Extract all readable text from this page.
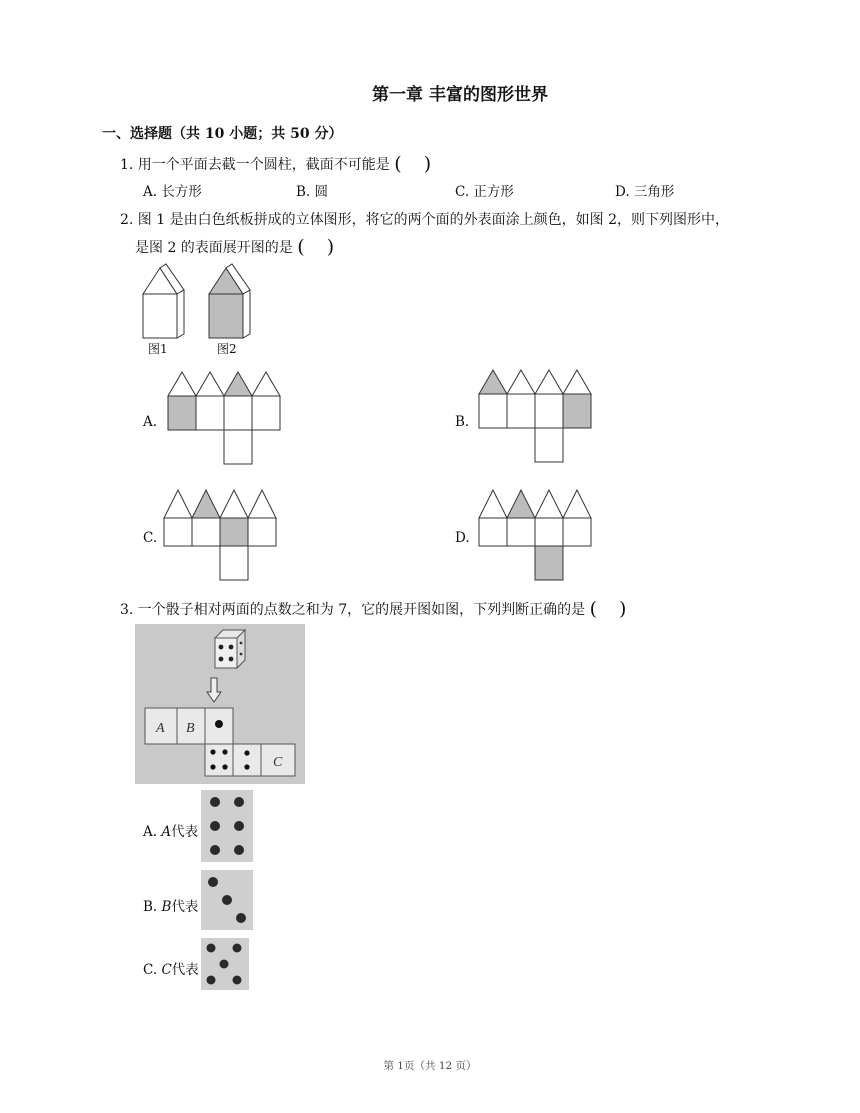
第一章 丰富的图形世界
一、选择题（共 10 小题；共 50 分）
1. 用一个平面去截一个圆柱，截面不可能是 ( )
A. 长方形	B. 圆	C. 正方形	D. 三角形
2. 图 1 是由白色纸板拼成的立体图形，将它的两个面的外表面涂上颜色，如图 2，则下列图形中，
是图 2 的表面展开图的是 ( )
图1	图2
A.	B.
C.	D.
3. 一个骰子相对两面的点数之和为 7，它的展开图如图，下列判断正确的是 ( )
A B
C
A. A代表
B. B代表
C. C代表
第 1页（共 12 页）
